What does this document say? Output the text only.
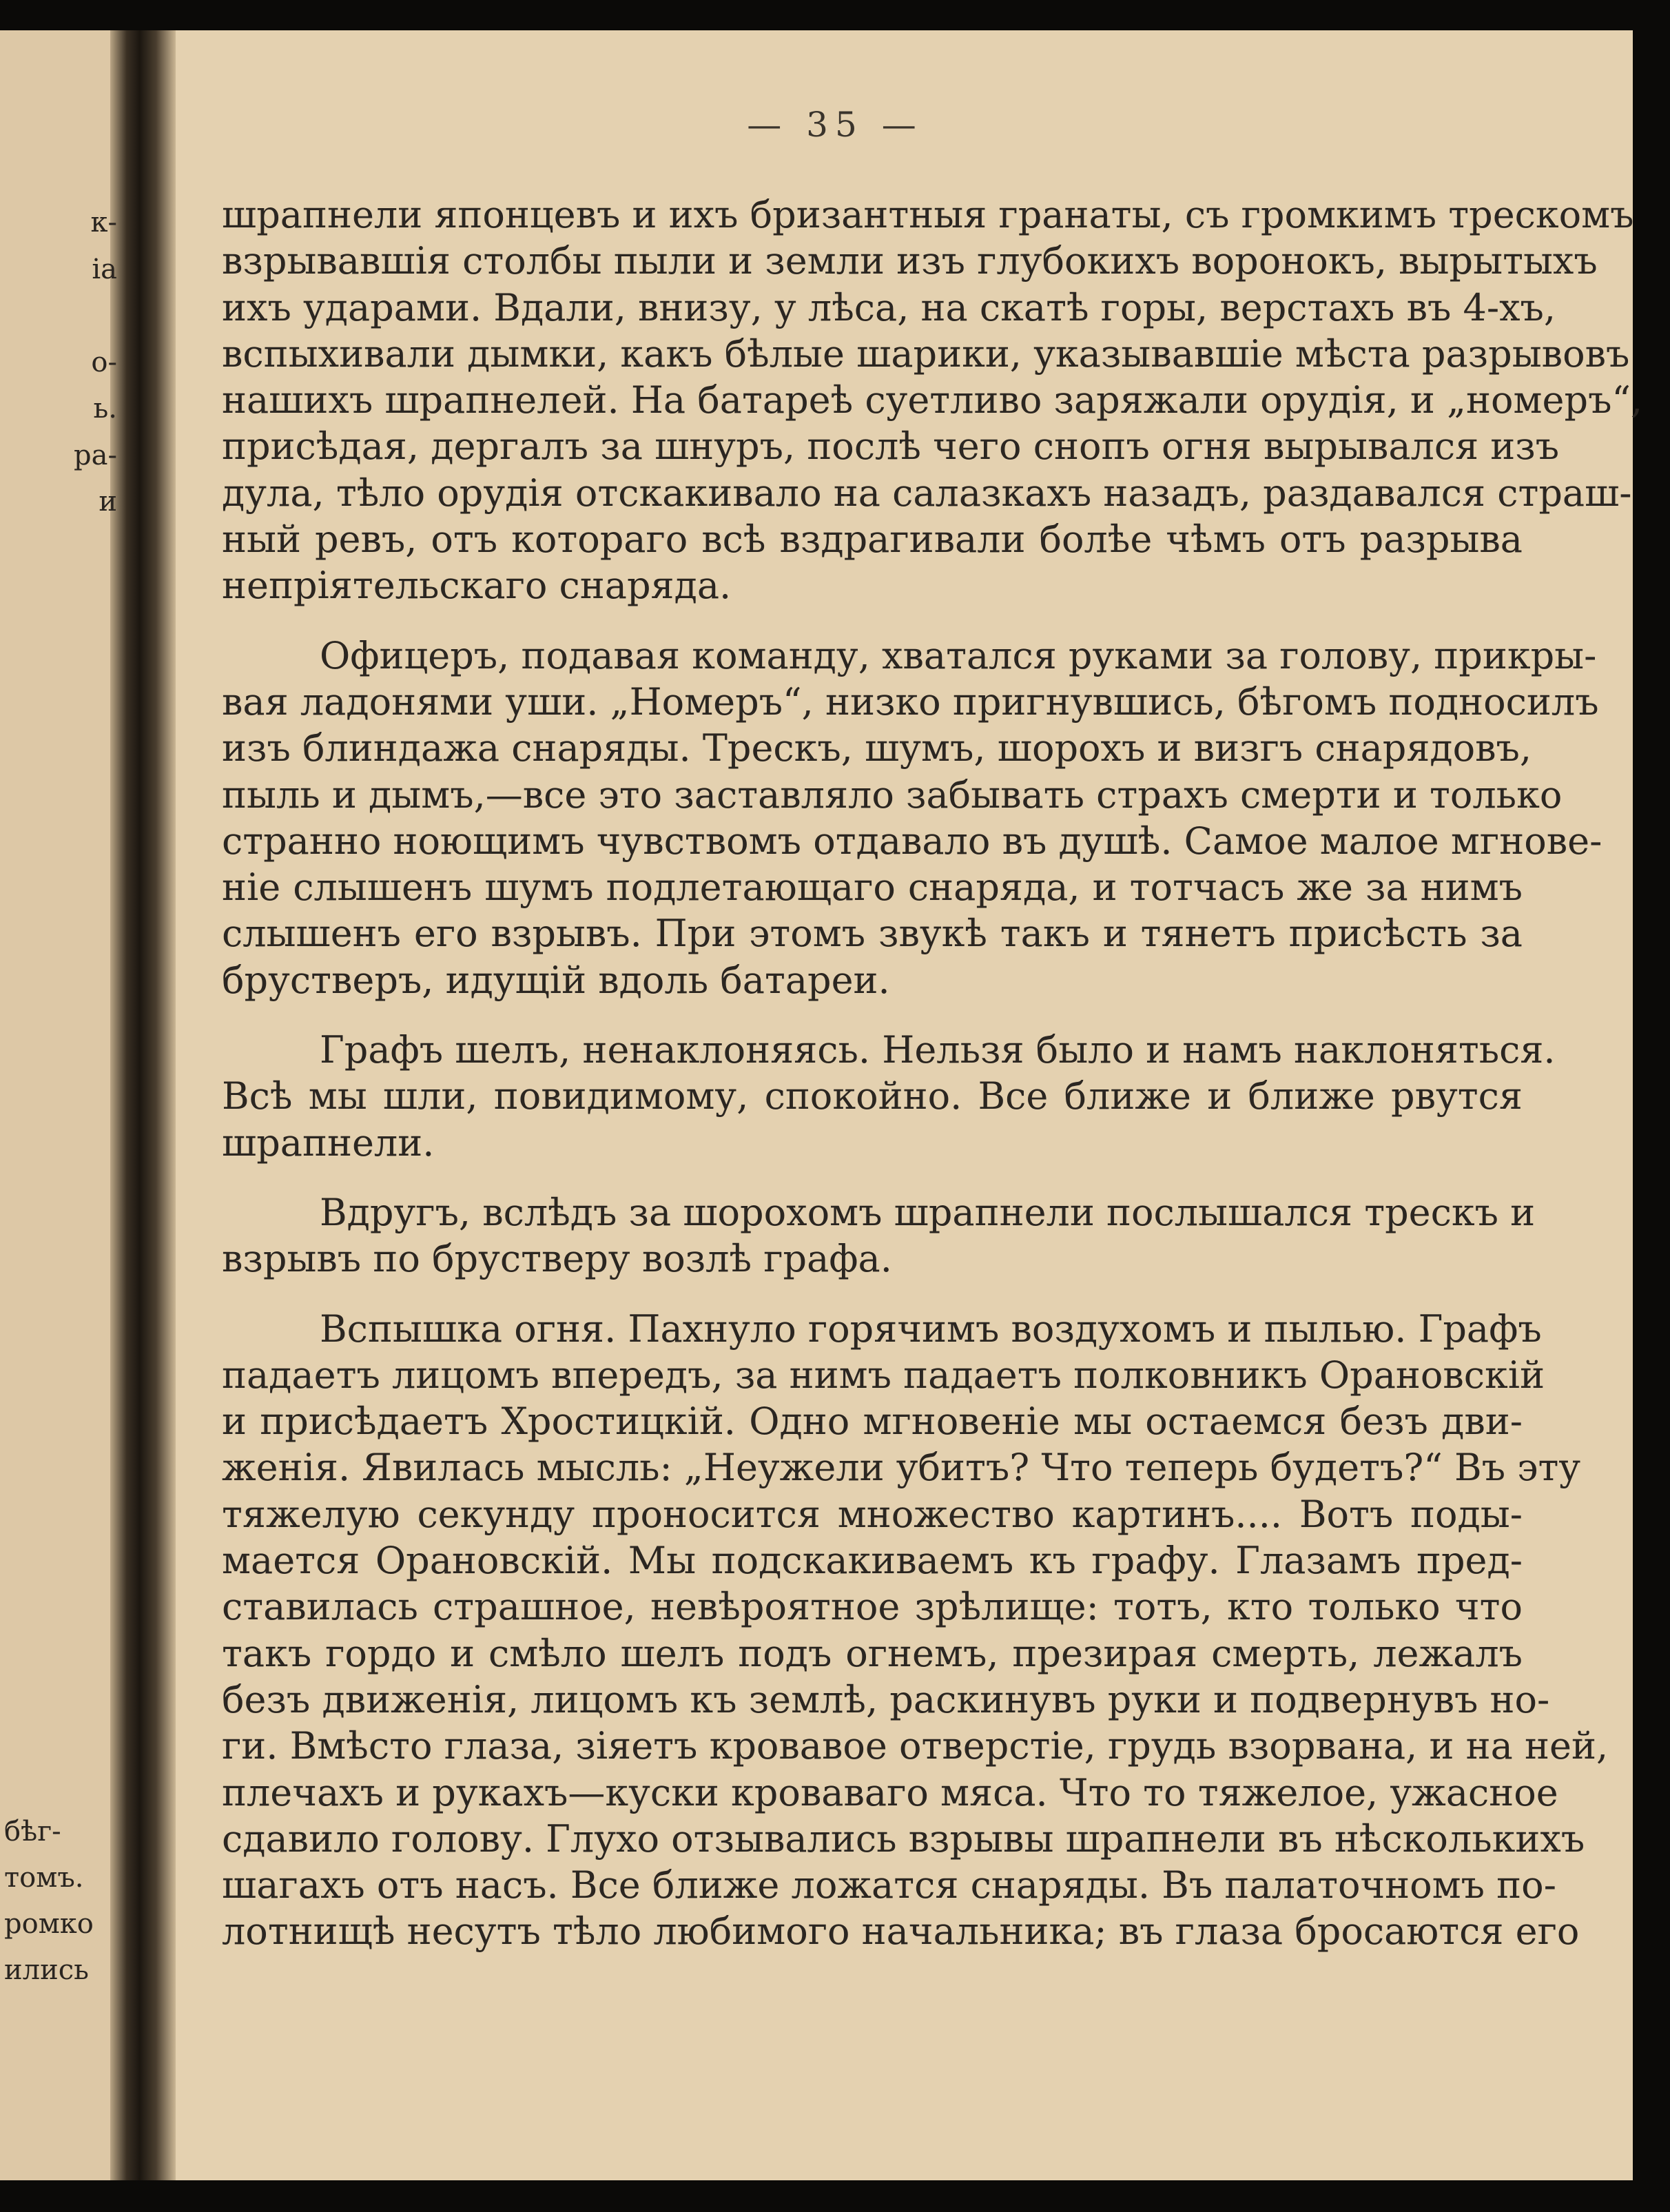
к-
ia
о-
ь.
ра-
и
бѣг-
томъ.
ромко
ились
— 35 —
шрапнели японцевъ и ихъ бризантныя гранаты, съ громкимъ трескомъ
взрывавшія столбы пыли и земли изъ глубокихъ воронокъ, вырытыхъ
ихъ ударами. Вдали, внизу, у лѣса, на скатѣ горы, верстахъ въ 4-хъ,
вспыхивали дымки, какъ бѣлые шарики, указывавшіе мѣста разрывовъ
нашихъ шрапнелей. На батареѣ суетливо заряжали орудія, и „номеръ“,
присѣдая, дергалъ за шнуръ, послѣ чего снопъ огня вырывался изъ
дула, тѣло орудія отскакивало на салазкахъ назадъ, раздавался страш-
ный ревъ, отъ котораго всѣ вздрагивали болѣе чѣмъ отъ разрыва
непріятельскаго снаряда.
Офицеръ, подавая команду, хватался руками за голову, прикры-
вая ладонями уши. „Номеръ“, низко пригнувшись, бѣгомъ подносилъ
изъ блиндажа снаряды. Трескъ, шумъ, шорохъ и визгъ снарядовъ,
пыль и дымъ,—все это заставляло забывать страхъ смерти и только
странно ноющимъ чувствомъ отдавало въ душѣ. Самое малое мгнове-
ніе слышенъ шумъ подлетающаго снаряда, и тотчасъ же за нимъ
слышенъ его взрывъ. При этомъ звукѣ такъ и тянетъ присѣсть за
брустверъ, идущій вдоль батареи.
Графъ шелъ, ненаклоняясь. Нельзя было и намъ наклоняться.
Всѣ мы шли, повидимому, спокойно. Все ближе и ближе рвутся
шрапнели.
Вдругъ, вслѣдъ за шорохомъ шрапнели послышался трескъ и
взрывъ по брустверу возлѣ графа.
Вспышка огня. Пахнуло горячимъ воздухомъ и пылью. Графъ
падаетъ лицомъ впередъ, за нимъ падаетъ полковникъ Орановскій
и присѣдаетъ Хростицкій. Одно мгновеніе мы остаемся безъ дви-
женія. Явилась мысль: „Неужели убитъ? Что теперь будетъ?“ Въ эту
тяжелую секунду проносится множество картинъ.... Вотъ поды-
мается Орановскій. Мы подскакиваемъ къ графу. Глазамъ пред-
ставилась страшное, невѣроятное зрѣлище: тотъ, кто только что
такъ гордо и смѣло шелъ подъ огнемъ, презирая смерть, лежалъ
безъ движенія, лицомъ къ землѣ, раскинувъ руки и подвернувъ но-
ги. Вмѣсто глаза, зіяетъ кровавое отверстіе, грудь взорвана, и на ней,
плечахъ и рукахъ—куски кроваваго мяса. Что то тяжелое, ужасное
сдавило голову. Глухо отзывались взрывы шрапнели въ нѣсколькихъ
шагахъ отъ насъ. Все ближе ложатся снаряды. Въ палаточномъ по-
лотнищѣ несутъ тѣло любимого начальника; въ глаза бросаются его
